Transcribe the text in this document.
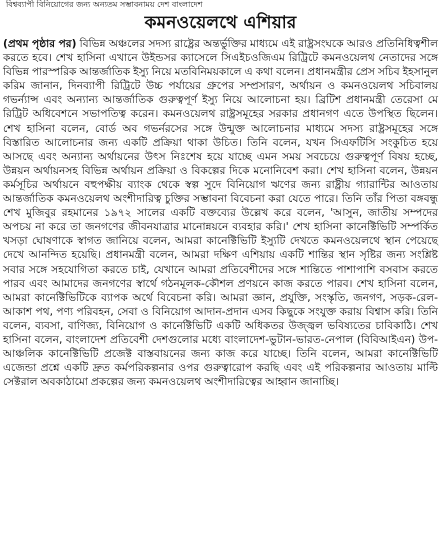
বিশ্বব্যাপী বিনিয়োগের জন্য অন্যতম সম্ভাবনাময় দেশ বাংলাদেশ
কমনওয়েলথে এশিয়ার

(প্রথম পৃষ্ঠার পর) বিভিন্ন অঞ্চলের সদস্য রাষ্ট্রের অন্তর্ভুক্তির মাধ্যমে এই রাষ্ট্রসংঘকে আরও প্রতিনিধিত্বশীল করতে হবে। শেখ হাসিনা এখানে উইন্ডসর ক্যাসেলে সিএইচওজিএম রিট্রিটে কমনওয়েলথ নেতাদের সঙ্গে বিভিন্ন পারস্পরিক আন্তর্জাতিক ইস্যু নিয়ে মতবিনিময়কালে এ কথা বলেন। প্রধানমন্ত্রীর প্রেস সচিব ইহসানুল করিম জানান, দিনব্যাপী রিট্রিটে উচ্চ পর্যায়ের গ্রুপের সম্প্রসারণ, অর্থায়ন ও কমনওয়েলথ সচিবালয় গভর্ন্যান্স এবং অন্যান্য আন্তর্জাতিক গুরুত্বপূর্ণ ইস্যু নিয়ে আলোচনা হয়। ব্রিটিশ প্রধানমন্ত্রী তেরেসা মে রিট্রিট অধিবেশনে সভাপতিত্ব করেন। কমনওয়েলথ রাষ্ট্রসমূহের সরকার প্রধানগণ এতে উপস্থিত ছিলেন। শেখ হাসিনা বলেন, বোর্ড অব গভর্নরসের সঙ্গে উন্মুক্ত আলোচনার মাধ্যমে সদস্য রাষ্ট্রসমূহের সঙ্গে বিস্তারিত আলোচনার জন্য একটি প্রক্রিয়া থাকা উচিত। তিনি বলেন, যখন সিএফটিসি সংকুচিত হয়ে আসছে এবং অন্যান্য অর্থায়নের উৎস নিঃশেষ হয়ে যাচ্ছে এমন সময় সবচেয়ে গুরুত্বপূর্ণ বিষয় হচ্ছে, উন্নয়ন অর্থায়নসহ বিভিন্ন অর্থায়ন প্রক্রিয়া ও বিকল্পের দিকে মনোনিবেশ করা। শেখ হাসিনা বলেন, উন্নয়ন কর্মসূচির অর্থায়নে বহুপক্ষীয় ব্যাংক থেকে স্বল্প সুদে বিনিয়োগ ঋণের জন্য রাষ্ট্রীয় গ্যারান্টির আওতায় আন্তর্জাতিক কমনওয়েলথ অংশীদারিত্ব চুক্তির সম্ভাবনা বিবেচনা করা যেতে পারে। তিনি তাঁর পিতা বঙ্গবন্ধু শেখ মুজিবুর রহমানের ১৯৭২ সালের একটি বক্তব্যের উল্লেখ করে বলেন, 'আসুন, জাতীয় সম্পদের অপচয় না করে তা জনগণের জীবনযাত্রার মানোন্নয়নে ব্যবহার করি।' শেখ হাসিনা কানেক্টিভিটি সম্পর্কিত খসড়া ঘোষণাকে স্বাগত জানিয়ে বলেন, আমরা কানেক্টিভিটি ইস্যুটি দেখতে কমনওয়েলথে স্থান পেয়েছে দেখে আনন্দিত হয়েছি। প্রধানমন্ত্রী বলেন, আমরা দক্ষিণ এশিয়ায় একটি শান্তির স্থান সৃষ্টির জন্য সংশ্লিষ্ট সবার সঙ্গে সহযোগিতা করতে চাই, যেখানে আমরা প্রতিবেশীদের সঙ্গে শান্তিতে পাশাপাশি বসবাস করতে পারব এবং আমাদের জনগণের স্বার্থে গঠনমূলক-কৌশল প্রণয়নে কাজ করতে পারব। শেখ হাসিনা বলেন, আমরা কানেক্টিভিটিকে ব্যাপক অর্থে বিবেচনা করি। আমরা জ্ঞান, প্রযুক্তি, সংস্কৃতি, জনগণ, সড়ক-রেল-আকাশ পথ, পণ্য পরিবহন, সেবা ও বিনিয়োগ আদান-প্রদান এসব কিছুকে সংযুক্ত করায় বিশ্বাস করি। তিনি বলেন, ব্যবসা, বাণিজ্য, বিনিয়োগ ও কানেক্টিভিটি একটি অধিকতর উজ্জ্বল ভবিষ্যতের চাবিকাঠি। শেখ হাসিনা বলেন, বাংলাদেশ প্রতিবেশী দেশগুলোর মধ্যে বাংলাদেশ-ভুটান-ভারত-নেপাল (বিবিআইএন) উপ-আঞ্চলিক কানেক্টিভিটি প্রজেক্ট বাস্তবায়নের জন্য কাজ করে যাচ্ছে। তিনি বলেন, আমরা কানেক্টিভিটি এজেন্ডা প্রশ্নে একটি দ্রুত কর্মপরিকল্পনার ওপর গুরুত্বারোপ করছি এবং এই পরিকল্পনার আওতায় মাল্টি সেক্টরাল অবকাঠামো প্রকল্পের জন্য কমনওয়েলথ অংশীদারিত্বের আহ্বান জানাচ্ছি।
